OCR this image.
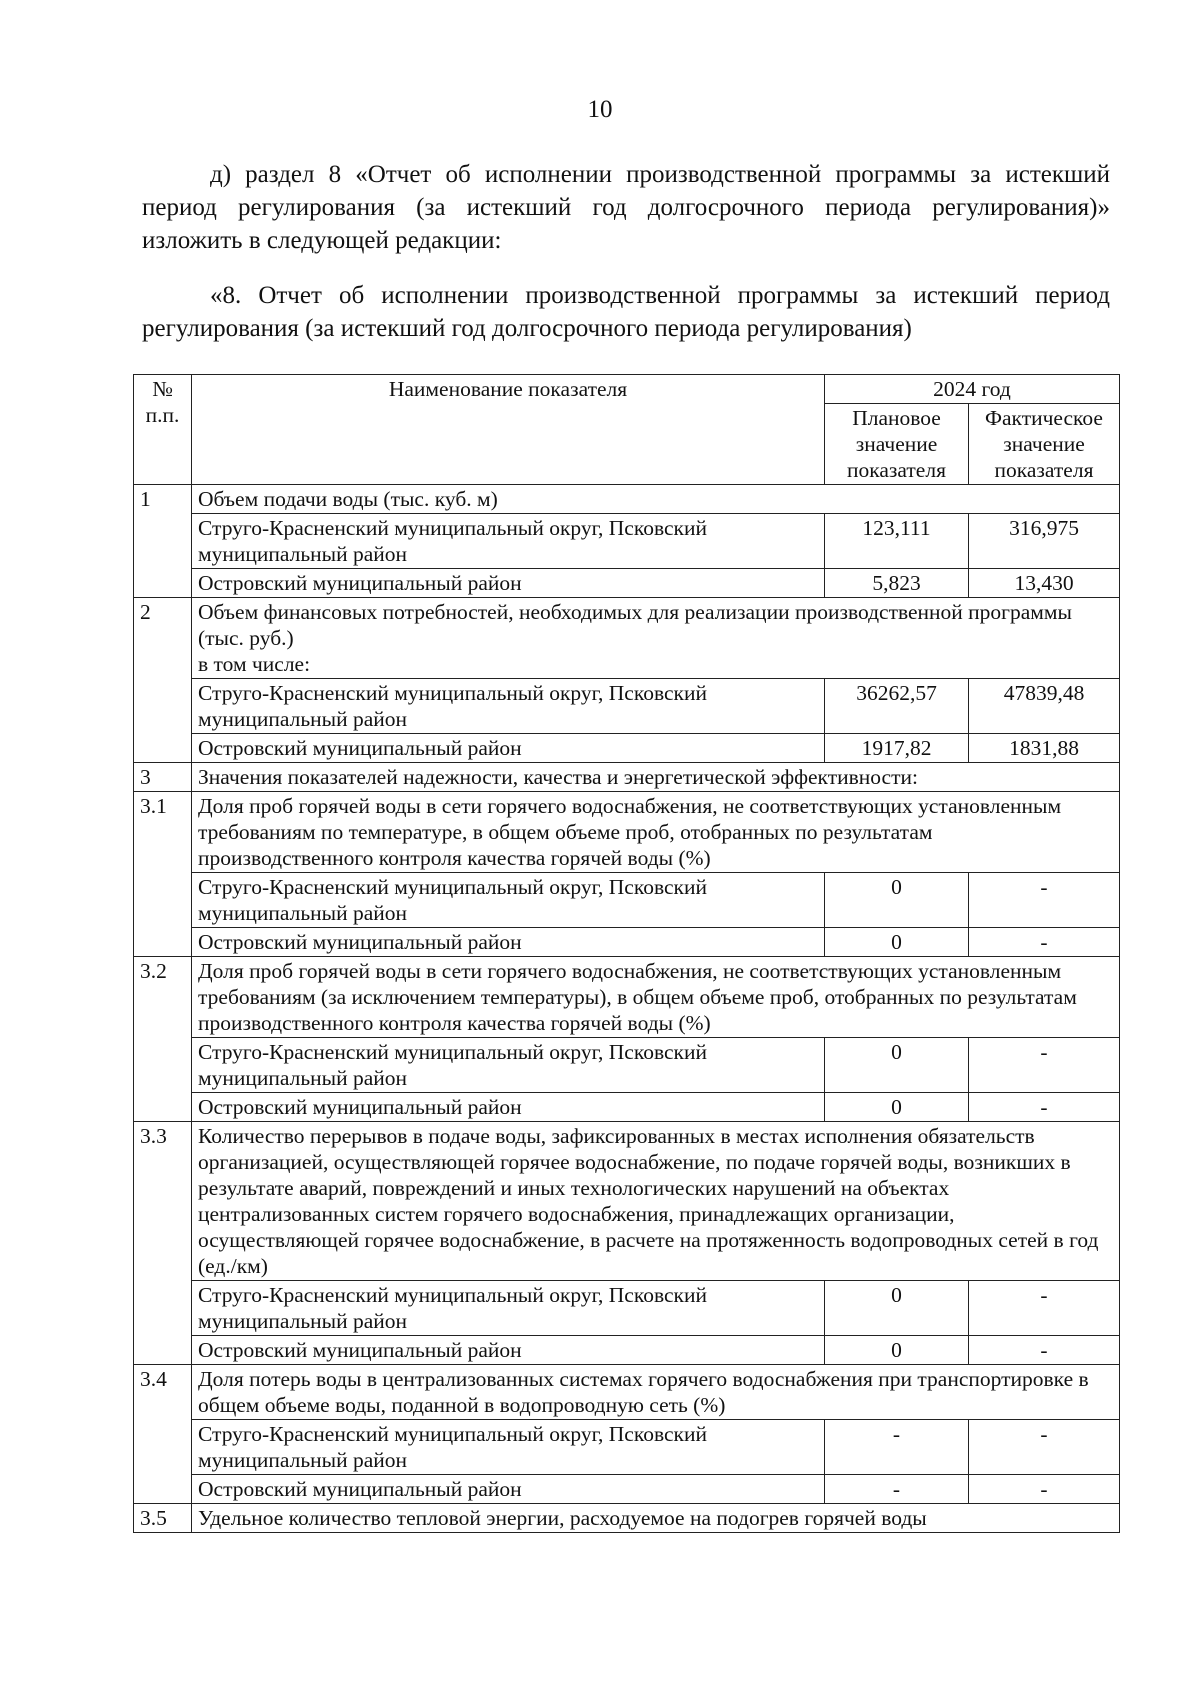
10

д) раздел 8 «Отчет об исполнении производственной программы за истекший период регулирования (за истекший год долгосрочного периода регулирования)» изложить в следующей редакции:

«8. Отчет об исполнении производственной программы за истекший период регулирования (за истекший год долгосрочного периода регулирования)

№ п.п.	Наименование показателя	2024 год	
		Плановое значение показателя	Фактическое значение показателя
1	Объем подачи воды (тыс. куб. м)		

	Струго-Красненский муниципальный округ, Псковский муниципальный район	123,111	316,975
	Островский муниципальный район	5,823	13,430
2	Объем финансовых потребностей, необходимых для реализации производственной программы (тыс. руб.)
в том числе:		

	Струго-Красненский муниципальный округ, Псковский муниципальный район	36262,57	47839,48
	Островский муниципальный район	1917,82	1831,88
3	Значения показателей надежности, качества и энергетической эффективности:		

3.1	Доля проб горячей воды в сети горячего водоснабжения, не соответствующих установленным требованиям по температуре, в общем объеме проб, отобранных по результатам производственного контроля качества горячей воды (%)		

	Струго-Красненский муниципальный округ, Псковский муниципальный район	0	-
	Островский муниципальный район	0	-
3.2	Доля проб горячей воды в сети горячего водоснабжения, не соответствующих установленным требованиям (за исключением температуры), в общем объеме проб, отобранных по результатам производственного контроля качества горячей воды (%)		

	Струго-Красненский муниципальный округ, Псковский муниципальный район	0	-
	Островский муниципальный район	0	-
3.3	Количество перерывов в подаче воды, зафиксированных в местах исполнения обязательств организацией, осуществляющей горячее водоснабжение, по подаче горячей воды, возникших в результате аварий, повреждений и иных технологических нарушений на объектах централизованных систем горячего водоснабжения, принадлежащих организации, осуществляющей горячее водоснабжение, в расчете на протяженность водопроводных сетей в год (ед./км)		

	Струго-Красненский муниципальный округ, Псковский муниципальный район	0	-
	Островский муниципальный район	0	-
3.4	Доля потерь воды в централизованных системах горячего водоснабжения при транспортировке в общем объеме воды, поданной в водопроводную сеть (%)		

	Струго-Красненский муниципальный округ, Псковский муниципальный район	-	-
	Островский муниципальный район	-	-
3.5	Удельное количество тепловой энергии, расходуемое на подогрев горячей воды		
